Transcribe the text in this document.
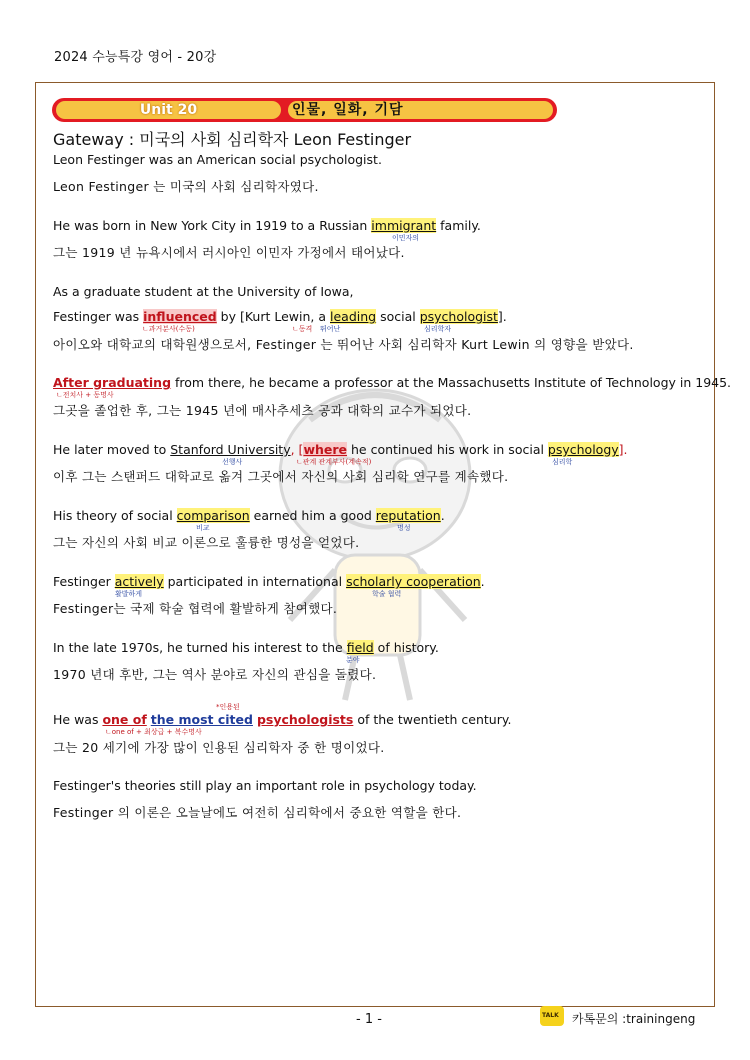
2024 수능특강 영어 - 20강
Unit 20	인물, 일화, 기담
Gateway : 미국의 사회 심리학자 Leon Festinger
Leon Festinger was an American social psychologist.
Leon Festinger 는 미국의 사회 심리학자였다.
He was born in New York City in 1919 to a Russian immigrant family.
이민자의
그는 1919 년 뉴욕시에서 러시아인 이민자 가정에서 태어났다.
As a graduate student at the University of Iowa,
Festinger was influenced by [Kurt Lewin, a leading social psychologist].
ㄴ과거분사(수동)	ㄴ동격 뛰어난	심리학자
아이오와 대학교의 대학원생으로서, Festinger 는 뛰어난 사회 심리학자 Kurt Lewin 의 영향을 받았다.
After graduating from there, he became a professor at the Massachusetts Institute of Technology in 1945.
ㄴ전치사 + 동명사
그곳을 졸업한 후, 그는 1945 년에 매사추세츠 공과 대학의 교수가 되었다.
He later moved to Stanford University, [where he continued his work in social psychology].
선행사	ㄴ관계 관계부사(계속적)	심리학
이후 그는 스탠퍼드 대학교로 옮겨 그곳에서 자신의 사회 심리학 연구를 계속했다.
His theory of social comparison earned him a good reputation.
비교	명성
그는 자신의 사회 비교 이론으로 훌륭한 명성을 얻었다.
Festinger actively participated in international scholarly cooperation.
활발하게	학술 협력
Festinger는 국제 학술 협력에 활발하게 참여했다.
In the late 1970s, he turned his interest to the field of history.
분야
1970 년대 후반, 그는 역사 분야로 자신의 관심을 돌렸다.
*인용된
He was one of the most cited psychologists of the twentieth century.
ㄴone of + 최상급 + 복수명사
그는 20 세기에 가장 많이 인용된 심리학자 중 한 명이었다.
Festinger's theories still play an important role in psychology today.
Festinger 의 이론은 오늘날에도 여전히 심리학에서 중요한 역할을 한다.
- 1 -	TALK 카톡문의 :trainingeng
